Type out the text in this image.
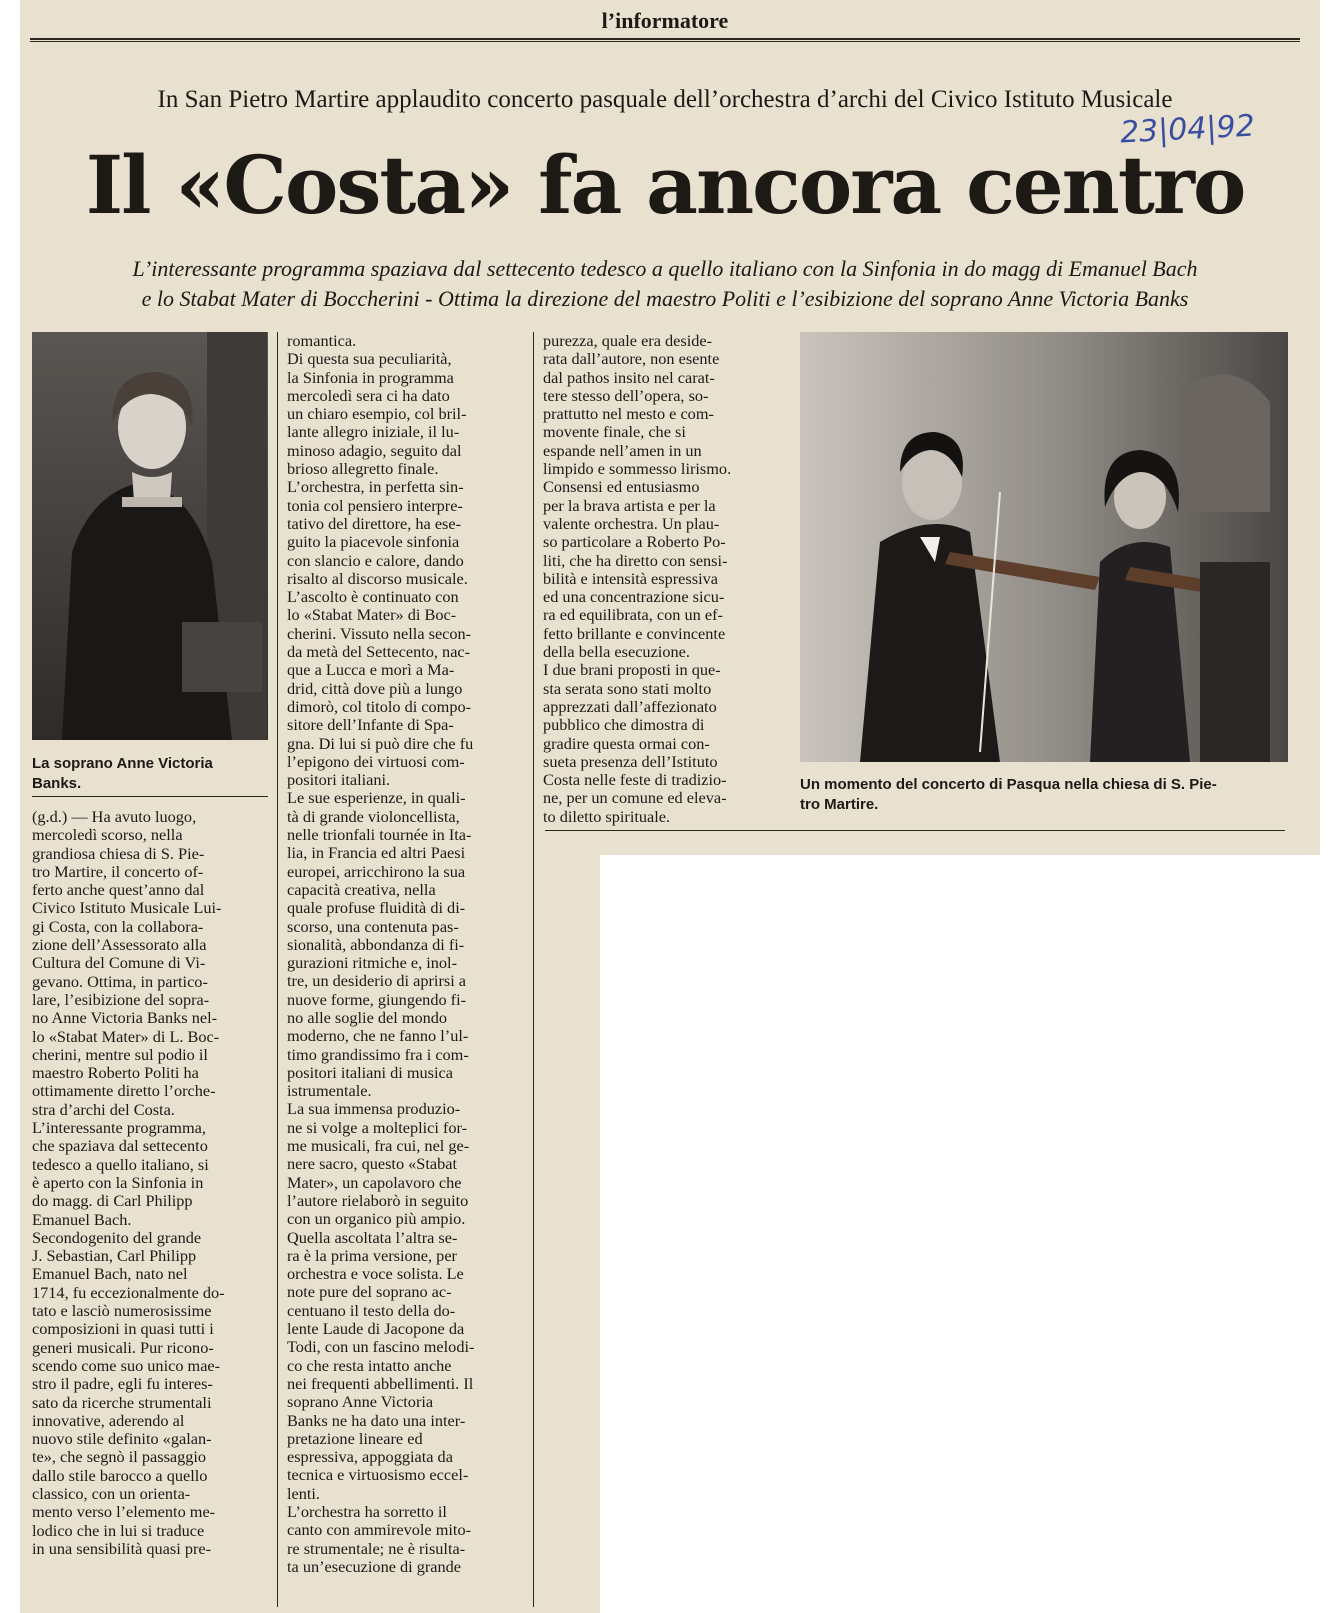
l’informatore
In San Pietro Martire applaudito concerto pasquale dell’orchestra d’archi del Civico Istituto Musicale
23|04|92
Il «Costa» fa ancora centro
L’interessante programma spaziava dal settecento tedesco a quello italiano con la Sinfonia in do magg di Emanuel Bach
e lo Stabat Mater di Boccherini - Ottima la direzione del maestro Politi e l’esibizione del soprano Anne Victoria Banks
La soprano Anne Victoria
Banks.	Un momento del concerto di Pasqua nella chiesa di S. Pie-
tro Martire.
(g.d.) — Ha avuto luogo,
mercoledì scorso, nella
grandiosa chiesa di S. Pie-
tro Martire, il concerto of-
ferto anche quest’anno dal
Civico Istituto Musicale Lui-
gi Costa, con la collabora-
zione dell’Assessorato alla
Cultura del Comune di Vi-
gevano. Ottima, in partico-
lare, l’esibizione del sopra-
no Anne Victoria Banks nel-
lo «Stabat Mater» di L. Boc-
cherini, mentre sul podio il
maestro Roberto Politi ha
ottimamente diretto l’orche-
stra d’archi del Costa.
L’interessante programma,
che spaziava dal settecento
tedesco a quello italiano, si
è aperto con la Sinfonia in
do magg. di Carl Philipp
Emanuel Bach.
Secondogenito del grande
J. Sebastian, Carl Philipp
Emanuel Bach, nato nel
1714, fu eccezionalmente do-
tato e lasciò numerosissime
composizioni in quasi tutti i
generi musicali. Pur ricono-
scendo come suo unico mae-
stro il padre, egli fu interes-
sato da ricerche strumentali
innovative, aderendo al
nuovo stile definito «galan-
te», che segnò il passaggio
dallo stile barocco a quello
classico, con un orienta-
mento verso l’elemento me-
lodico che in lui si traduce
in una sensibilità quasi pre-
romantica.
Di questa sua peculiarità,
la Sinfonia in programma
mercoledì sera ci ha dato
un chiaro esempio, col bril-
lante allegro iniziale, il lu-
minoso adagio, seguito dal
brioso allegretto finale.
L’orchestra, in perfetta sin-
tonia col pensiero interpre-
tativo del direttore, ha ese-
guito la piacevole sinfonia
con slancio e calore, dando
risalto al discorso musicale.
L’ascolto è continuato con
lo «Stabat Mater» di Boc-
cherini. Vissuto nella secon-
da metà del Settecento, nac-
que a Lucca e morì a Ma-
drid, città dove più a lungo
dimorò, col titolo di compo-
sitore dell’Infante di Spa-
gna. Di lui si può dire che fu
l’epigono dei virtuosi com-
positori italiani.
Le sue esperienze, in quali-
tà di grande violoncellista,
nelle trionfali tournée in Ita-
lia, in Francia ed altri Paesi
europei, arricchirono la sua
capacità creativa, nella
quale profuse fluidità di di-
scorso, una contenuta pas-
sionalità, abbondanza di fi-
gurazioni ritmiche e, inol-
tre, un desiderio di aprirsi a
nuove forme, giungendo fi-
no alle soglie del mondo
moderno, che ne fanno l’ul-
timo grandissimo fra i com-
positori italiani di musica
istrumentale.
La sua immensa produzio-
ne si volge a molteplici for-
me musicali, fra cui, nel ge-
nere sacro, questo «Stabat
Mater», un capolavoro che
l’autore rielaborò in seguito
con un organico più ampio.
Quella ascoltata l’altra se-
ra è la prima versione, per
orchestra e voce solista. Le
note pure del soprano ac-
centuano il testo della do-
lente Laude di Jacopone da
Todi, con un fascino melodi-
co che resta intatto anche
nei frequenti abbellimenti. Il
soprano Anne Victoria
Banks ne ha dato una inter-
pretazione lineare ed
espressiva, appoggiata da
tecnica e virtuosismo eccel-
lenti.
L’orchestra ha sorretto il
canto con ammirevole mito-
re strumentale; ne è risulta-
ta un’esecuzione di grande
purezza, quale era deside-
rata dall’autore, non esente
dal pathos insito nel carat-
tere stesso dell’opera, so-
prattutto nel mesto e com-
movente finale, che si
espande nell’amen in un
limpido e sommesso lirismo.
Consensi ed entusiasmo
per la brava artista e per la
valente orchestra. Un plau-
so particolare a Roberto Po-
liti, che ha diretto con sensi-
bilità e intensità espressiva
ed una concentrazione sicu-
ra ed equilibrata, con un ef-
fetto brillante e convincente
della bella esecuzione.
I due brani proposti in que-
sta serata sono stati molto
apprezzati dall’affezionato
pubblico che dimostra di
gradire questa ormai con-
sueta presenza dell’Istituto
Costa nelle feste di tradizio-
ne, per un comune ed eleva-
to diletto spirituale.
